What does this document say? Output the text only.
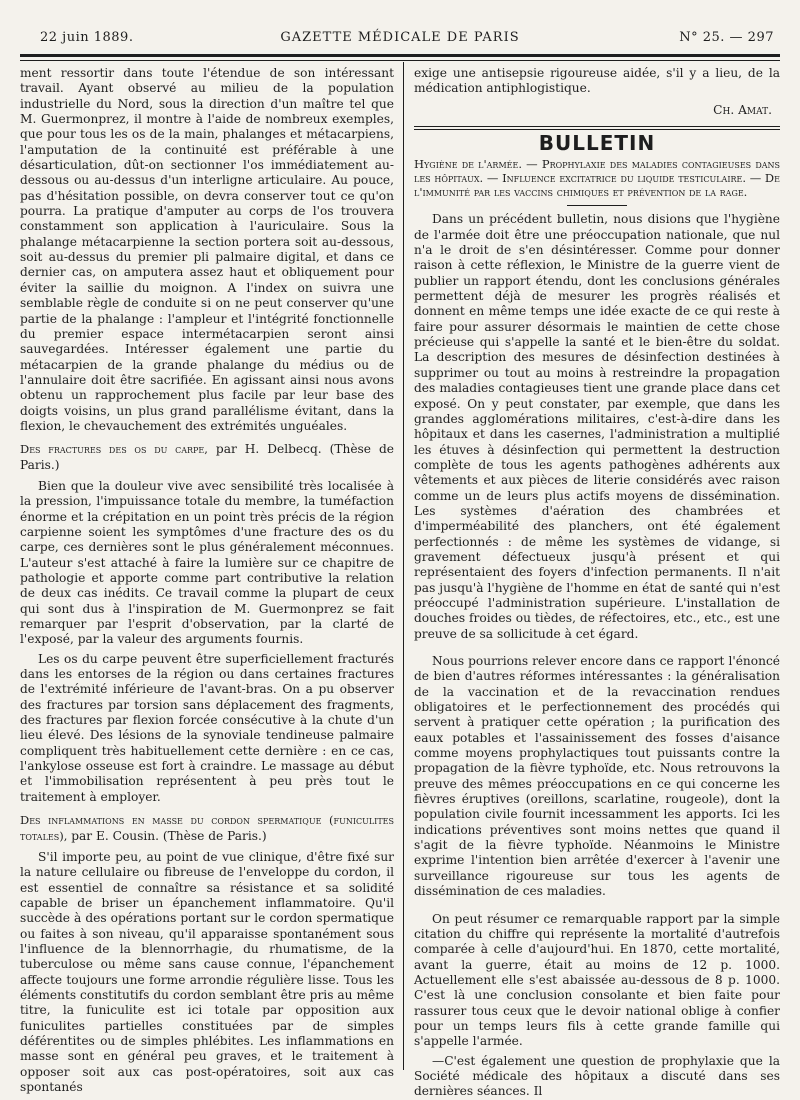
22 juin 1889.	GAZETTE MÉDICALE DE PARIS	N° 25. — 297

ment ressortir dans toute l'étendue de son intéressant travail. Ayant observé au milieu de la population industrielle du Nord, sous la direction d'un maître tel que M. Guermonprez, il montre à l'aide de nombreux exemples, que pour tous les os de la main, phalanges et métacarpiens, l'amputation de la continuité est préférable à une désarticulation, dût-on sectionner l'os immédiatement au-dessous ou au-dessus d'un interligne articulaire. Au pouce, pas d'hésitation possible, on devra conserver tout ce qu'on pourra. La pratique d'amputer au corps de l'os trouvera constamment son application à l'auriculaire. Sous la phalange métacarpienne la section portera soit au-dessous, soit au-dessus du premier pli palmaire digital, et dans ce dernier cas, on amputera assez haut et obliquement pour éviter la saillie du moignon. A l'index on suivra une semblable règle de conduite si on ne peut conserver qu'une partie de la phalange : l'ampleur et l'intégrité fonctionnelle du premier espace intermétacarpien seront ainsi sauvegardées. Intéresser également une partie du métacarpien de la grande phalange du médius ou de l'annulaire doit être sacrifiée. En agissant ainsi nous avons obtenu un rapprochement plus facile par leur base des doigts voisins, un plus grand parallélisme évitant, dans la flexion, le chevauchement des extrémités unguéales.

Des fractures des os du carpe, par H. Delbecq. (Thèse de Paris.)

Bien que la douleur vive avec sensibilité très localisée à la pression, l'impuissance totale du membre, la tuméfaction énorme et la crépitation en un point très précis de la région carpienne soient les symptômes d'une fracture des os du carpe, ces dernières sont le plus généralement méconnues. L'auteur s'est attaché à faire la lumière sur ce chapitre de pathologie et apporte comme part contributive la relation de deux cas inédits. Ce travail comme la plupart de ceux qui sont dus à l'inspiration de M. Guermonprez se fait remarquer par l'esprit d'observation, par la clarté de l'exposé, par la valeur des arguments fournis.

Les os du carpe peuvent être superficiellement fracturés dans les entorses de la région ou dans certaines fractures de l'extrémité inférieure de l'avant-bras. On a pu observer des fractures par torsion sans déplacement des fragments, des fractures par flexion forcée consécutive à la chute d'un lieu élevé. Des lésions de la synoviale tendineuse palmaire compliquent très habituellement cette dernière : en ce cas, l'ankylose osseuse est fort à craindre. Le massage au début et l'immobilisation représentent à peu près tout le traitement à employer.

Des inflammations en masse du cordon spermatique (funiculites totales), par E. Cousin. (Thèse de Paris.)

S'il importe peu, au point de vue clinique, d'être fixé sur la nature cellulaire ou fibreuse de l'enveloppe du cordon, il est essentiel de connaître sa résistance et sa solidité capable de briser un épanchement inflammatoire. Qu'il succède à des opérations portant sur le cordon spermatique ou faites à son niveau, qu'il apparaisse spontanément sous l'influence de la blennorrhagie, du rhumatisme, de la tuberculose ou même sans cause connue, l'épanchement affecte toujours une forme arrondie régulière lisse. Tous les éléments constitutifs du cordon semblant être pris au même titre, la funiculite est ici totale par opposition aux funiculites partielles constituées par de simples déférentites ou de simples phlébites. Les inflammations en masse sont en général peu graves, et le traitement à opposer soit aux cas post-opératoires, soit aux cas spontanés

exige une antisepsie rigoureuse aidée, s'il y a lieu, de la médication antiphlogistique.

Ch. Amat.
BULLETIN
Hygiène de l'armée. — Prophylaxie des maladies contagieuses dans les hôpitaux. — Influence excitatrice du liquide testiculaire. — De l'immunité par les vaccins chimiques et prévention de la rage.

Dans un précédent bulletin, nous disions que l'hygiène de l'armée doit être une préoccupation nationale, que nul n'a le droit de s'en désintéresser. Comme pour donner raison à cette réflexion, le Ministre de la guerre vient de publier un rapport étendu, dont les conclusions générales permettent déjà de mesurer les progrès réalisés et donnent en même temps une idée exacte de ce qui reste à faire pour assurer désormais le maintien de cette chose précieuse qui s'appelle la santé et le bien-être du soldat. La description des mesures de désinfection destinées à supprimer ou tout au moins à restreindre la propagation des maladies contagieuses tient une grande place dans cet exposé. On y peut constater, par exemple, que dans les grandes agglomérations militaires, c'est-à-dire dans les hôpitaux et dans les casernes, l'administration a multiplié les étuves à désinfection qui permettent la destruction complète de tous les agents pathogènes adhérents aux vêtements et aux pièces de literie considérés avec raison comme un de leurs plus actifs moyens de dissémination. Les systèmes d'aération des chambrées et d'imperméabilité des planchers, ont été également perfectionnés : de même les systèmes de vidange, si gravement défectueux jusqu'à présent et qui représentaient des foyers d'infection permanents. Il n'ait pas jusqu'à l'hygiène de l'homme en état de santé qui n'est préoccupé l'administration supérieure. L'installation de douches froides ou tièdes, de réfectoires, etc., etc., est une preuve de sa sollicitude à cet égard.

Nous pourrions relever encore dans ce rapport l'énoncé de bien d'autres réformes intéressantes : la généralisation de la vaccination et de la revaccination rendues obligatoires et le perfectionnement des procédés qui servent à pratiquer cette opération ; la purification des eaux potables et l'assainissement des fosses d'aisance comme moyens prophylactiques tout puissants contre la propagation de la fièvre typhoïde, etc. Nous retrouvons la preuve des mêmes préoccupations en ce qui concerne les fièvres éruptives (oreillons, scarlatine, rougeole), dont la population civile fournit incessamment les apports. Ici les indications préventives sont moins nettes que quand il s'agit de la fièvre typhoïde. Néanmoins le Ministre exprime l'intention bien arrêtée d'exercer à l'avenir une surveillance rigoureuse sur tous les agents de dissémination de ces maladies.

On peut résumer ce remarquable rapport par la simple citation du chiffre qui représente la mortalité d'autrefois comparée à celle d'aujourd'hui. En 1870, cette mortalité, avant la guerre, était au moins de 12 p. 1000. Actuellement elle s'est abaissée au-dessous de 8 p. 1000. C'est là une conclusion consolante et bien faite pour rassurer tous ceux que le devoir national oblige à confier pour un temps leurs fils à cette grande famille qui s'appelle l'armée.

—C'est également une question de prophylaxie que la Société médicale des hôpitaux a discuté dans ses dernières séances. Il
